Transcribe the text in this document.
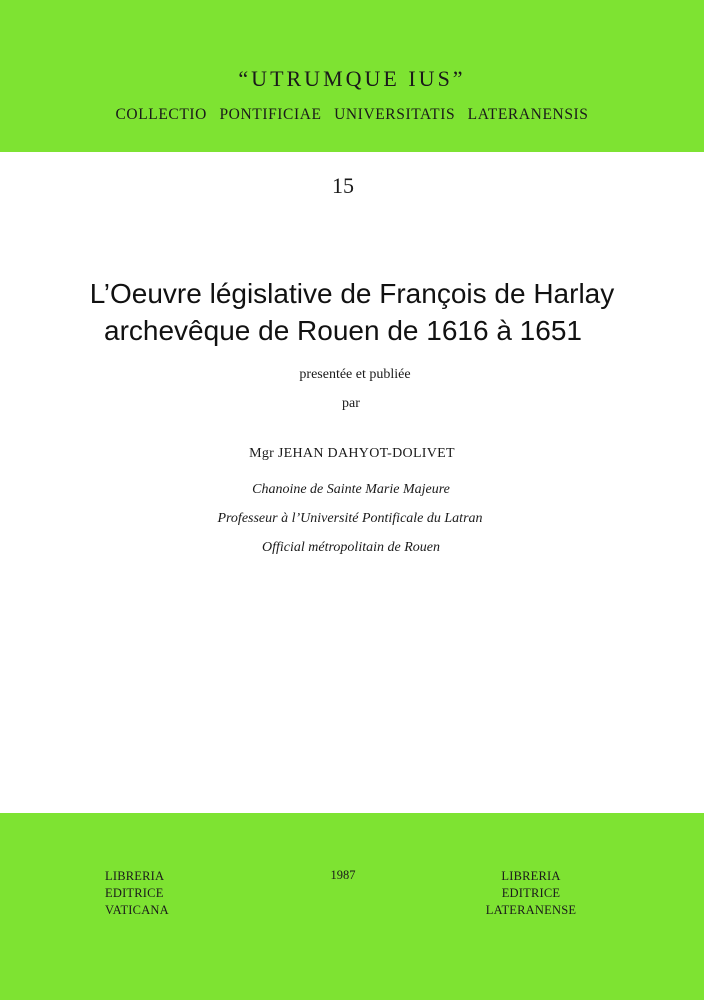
“UTRUMQUE IUS”
COLLECTIO PONTIFICIAE UNIVERSITATIS LATERANENSIS
15
L’Oeuvre législative de François de Harlay
archevêque de Rouen de 1616 à 1651
presentée et publiée
par
Mgr JEHAN DAHYOT-DOLIVET
Chanoine de Sainte Marie Majeure
Professeur à l’Université Pontificale du Latran
Official métropolitain de Rouen
LIBRERIA
EDITRICE
VATICANA
1987	LIBRERIA
EDITRICE
LATERANENSE
